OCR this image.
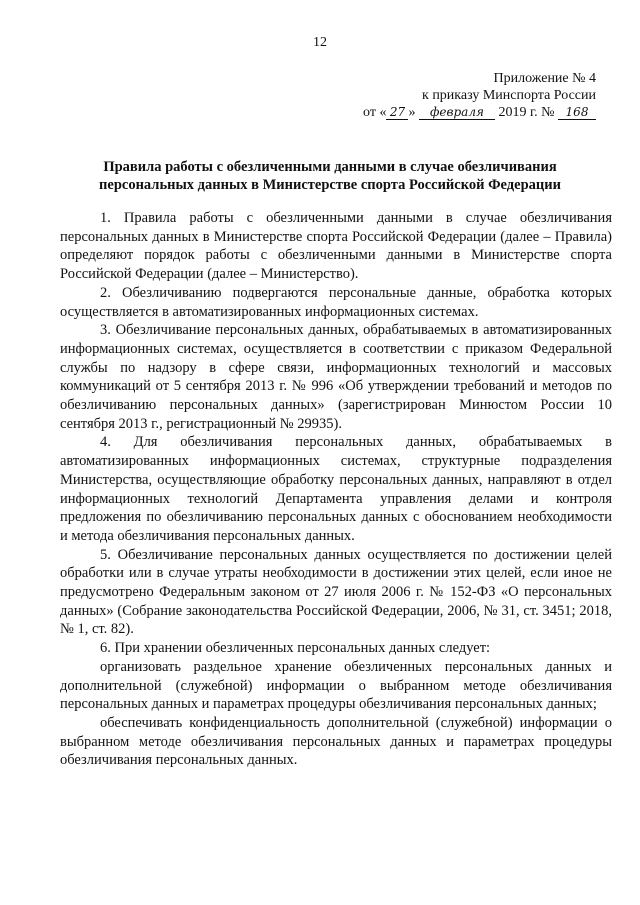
12
Приложение № 4
к приказу Минспорта России
от « 27 » февраля 2019 г. № 168
Правила работы с обезличенными данными в случае обезличивания
персональных данных в Министерстве спорта Российской Федерации

1. Правила работы с обезличенными данными в случае обезличивания персональных данных в Министерстве спорта Российской Федерации (далее – Правила) определяют порядок работы с обезличенными данными в Министерстве спорта Российской Федерации (далее – Министерство).

2. Обезличиванию подвергаются персональные данные, обработка которых осуществляется в автоматизированных информационных системах.

3. Обезличивание персональных данных, обрабатываемых в автоматизированных информационных системах, осуществляется в соответствии с приказом Федеральной службы по надзору в сфере связи, информационных технологий и массовых коммуникаций от 5 сентября 2013 г. № 996 «Об утверждении требований и методов по обезличиванию персональных данных» (зарегистрирован Минюстом России 10 сентября 2013 г., регистрационный № 29935).

4. Для обезличивания персональных данных, обрабатываемых в автоматизированных информационных системах, структурные подразделения Министерства, осуществляющие обработку персональных данных, направляют в отдел информационных технологий Департамента управления делами и контроля предложения по обезличиванию персональных данных с обоснованием необходимости и метода обезличивания персональных данных.

5. Обезличивание персональных данных осуществляется по достижении целей обработки или в случае утраты необходимости в достижении этих целей, если иное не предусмотрено Федеральным законом от 27 июля 2006 г. № 152-ФЗ «О персональных данных» (Собрание законодательства Российской Федерации, 2006, № 31, ст. 3451; 2018, № 1, ст. 82).

6. При хранении обезличенных персональных данных следует:

организовать раздельное хранение обезличенных персональных данных и дополнительной (служебной) информации о выбранном методе обезличивания персональных данных и параметрах процедуры обезличивания персональных данных;

обеспечивать конфиденциальность дополнительной (служебной) информации о выбранном методе обезличивания персональных данных и параметрах процедуры обезличивания персональных данных.
